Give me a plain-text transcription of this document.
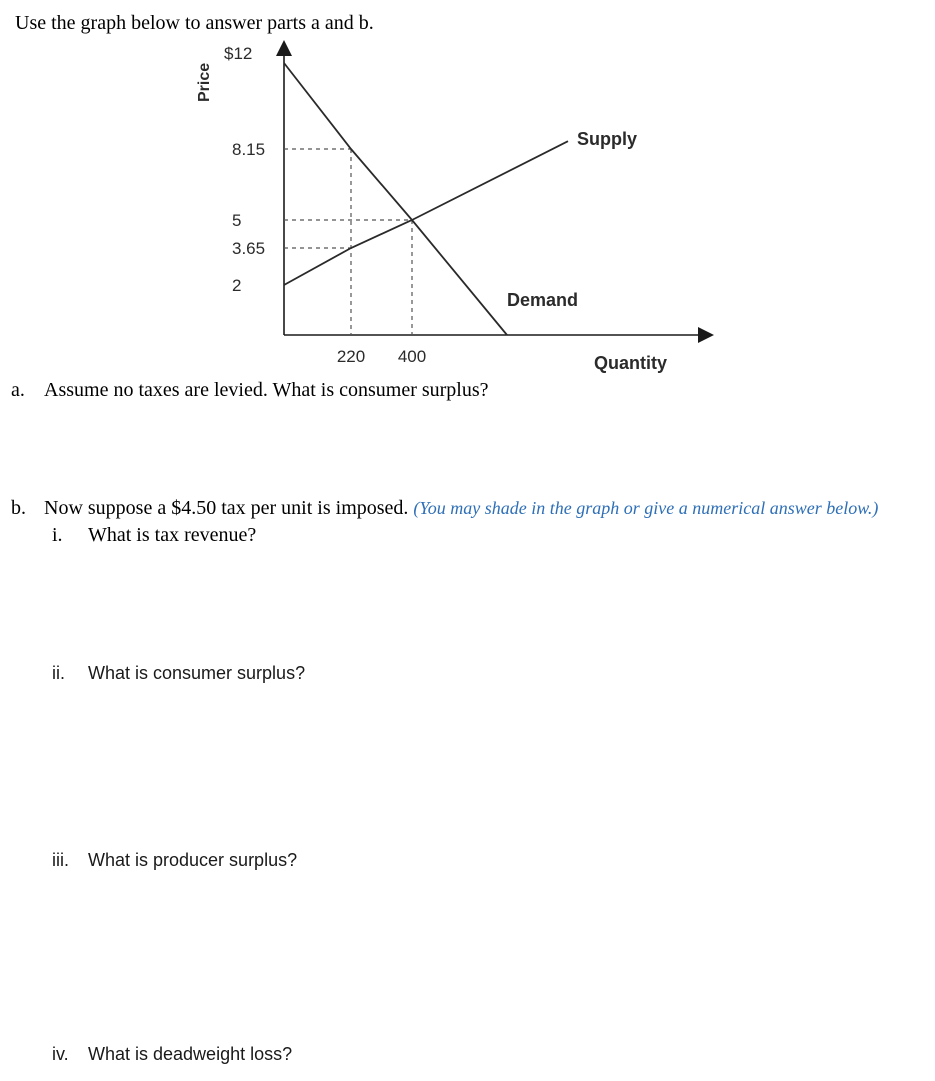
Use the graph below to answer parts a and b.
Supply
Demand
$12
8.15
5
3.65
2
220 400
Price
Quantity
a. Assume no taxes are levied. What is consumer surplus?
b. Now suppose a $4.50 tax per unit is imposed. (You may shade in the graph or give a numerical answer below.)
i. What is tax revenue?
ii. What is consumer surplus?
iii. What is producer surplus?
iv. What is deadweight loss?
